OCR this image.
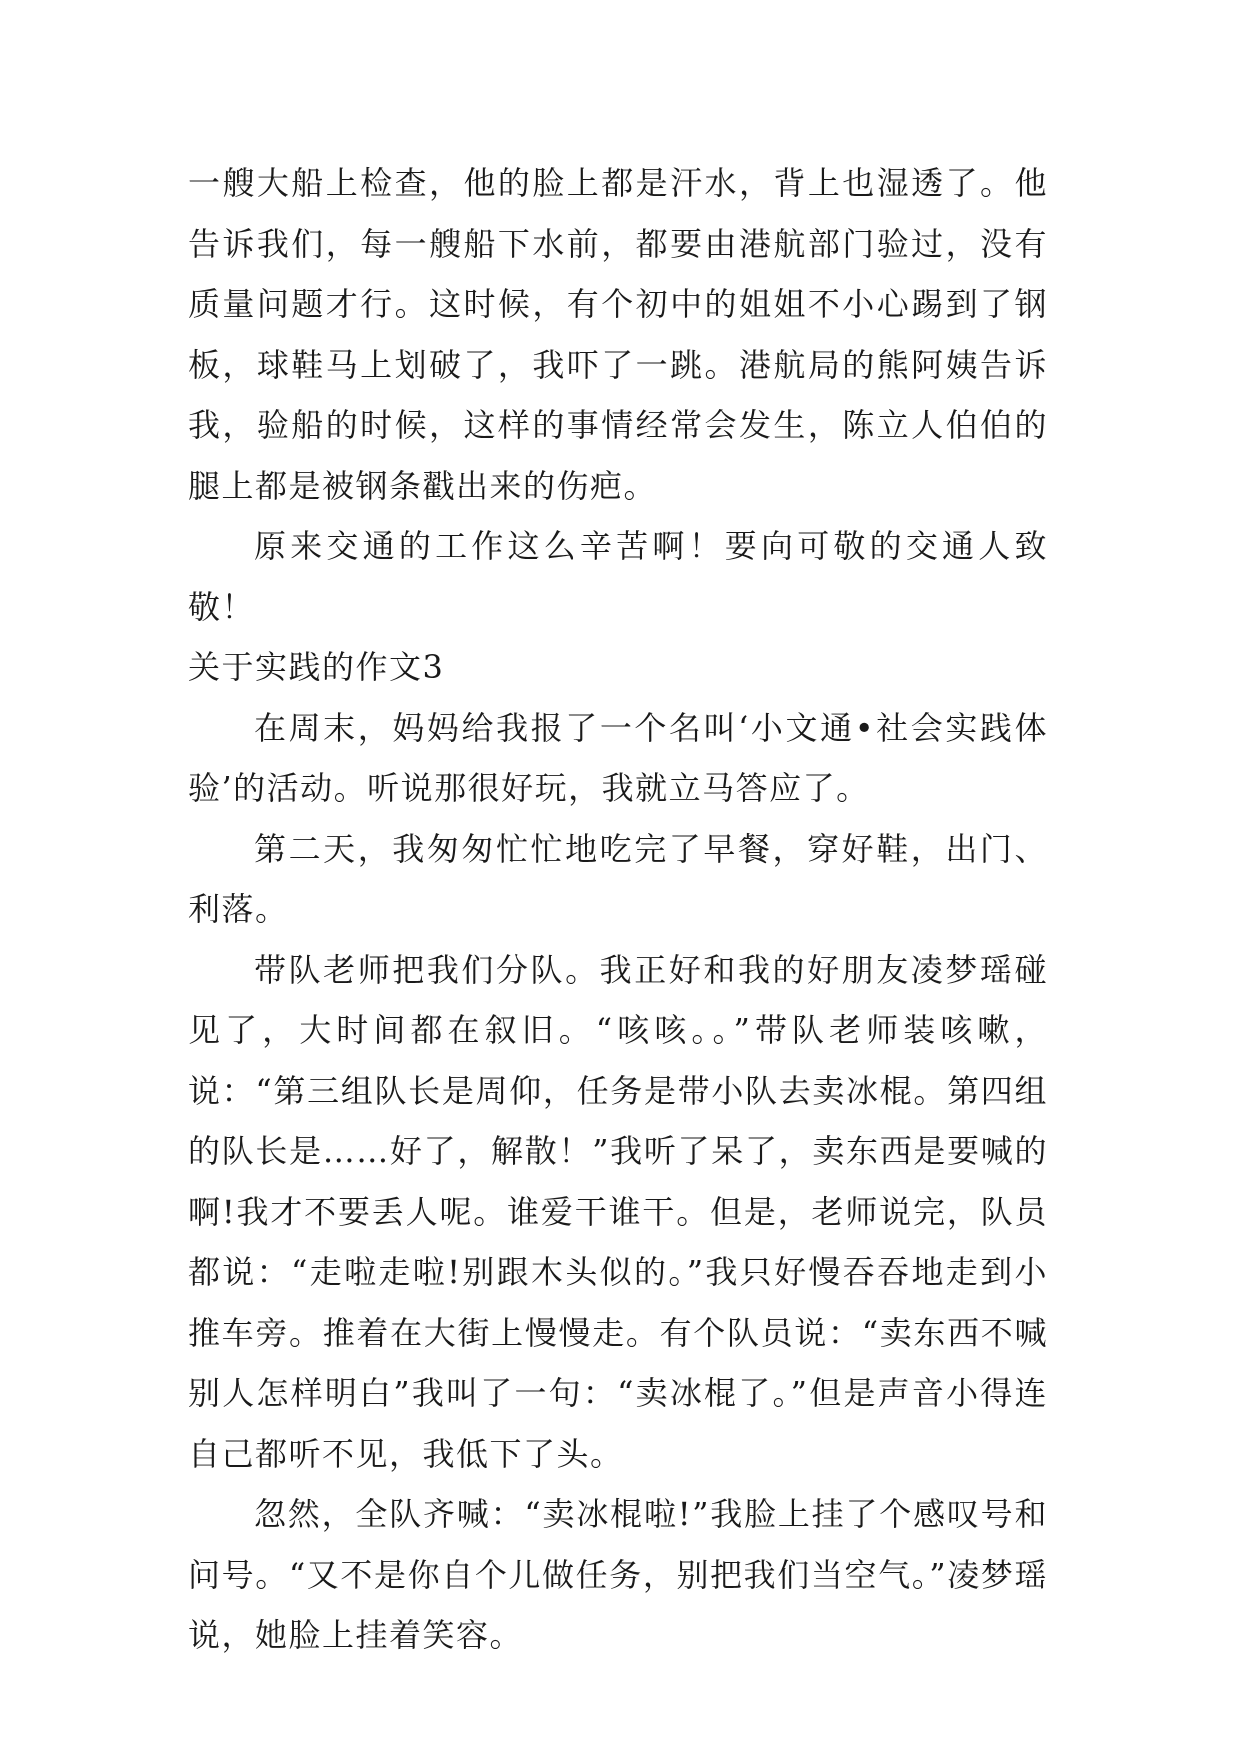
一艘大船上检查，他的脸上都是汗水，背上也湿透了。他告诉我们，每一艘船下水前，都要由港航部门验过，没有质量问题才行。这时候，有个初中的姐姐不小心踢到了钢板，球鞋马上划破了，我吓了一跳。港航局的熊阿姨告诉我，验船的时候，这样的事情经常会发生，陈立人伯伯的腿上都是被钢条戳出来的伤疤。

原来交通的工作这么辛苦啊！要向可敬的交通人致敬！

关于实践的作文3

在周末，妈妈给我报了一个名叫‘小文通•社会实践体验’的活动。听说那很好玩，我就立马答应了。

第二天，我匆匆忙忙地吃完了早餐，穿好鞋，出门、利落。

带队老师把我们分队。我正好和我的好朋友凌梦瑶碰见了，大时间都在叙旧。“咳咳。。”带队老师装咳嗽，说：“第三组队长是周仰，任务是带小队去卖冰棍。第四组的队长是……好了，解散！”我听了呆了，卖东西是要喊的啊!我才不要丢人呢。谁爱干谁干。但是，老师说完，队员都说：“走啦走啦!别跟木头似的。”我只好慢吞吞地走到小推车旁。推着在大街上慢慢走。有个队员说：“卖东西不喊别人怎样明白”我叫了一句：“卖冰棍了。”但是声音小得连自己都听不见，我低下了头。

忽然，全队齐喊：“卖冰棍啦!”我脸上挂了个感叹号和问号。“又不是你自个儿做任务，别把我们当空气。”凌梦瑶说，她脸上挂着笑容。
